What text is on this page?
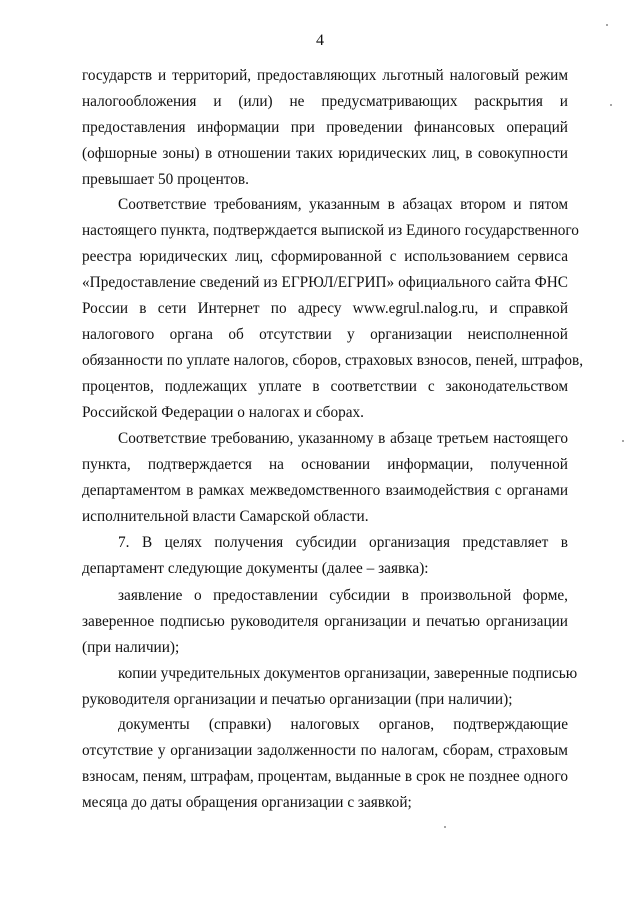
4
государств и территорий, предоставляющих льготный налоговый режим
налогообложения и (или) не предусматривающих раскрытия и
предоставления информации при проведении финансовых операций
(офшорные зоны) в отношении таких юридических лиц, в совокупности
превышает 50 процентов.
Соответствие требованиям, указанным в абзацах втором и пятом
настоящего пункта, подтверждается выпиской из Единого государственного
реестра юридических лиц, сформированной с использованием сервиса
«Предоставление сведений из ЕГРЮЛ/ЕГРИП» официального сайта ФНС
России в сети Интернет по адресу www.egrul.nalog.ru, и справкой
налогового органа об отсутствии у организации неисполненной
обязанности по уплате налогов, сборов, страховых взносов, пеней, штрафов,
процентов, подлежащих уплате в соответствии с законодательством
Российской Федерации о налогах и сборах.
Соответствие требованию, указанному в абзаце третьем настоящего
пункта, подтверждается на основании информации, полученной
департаментом в рамках межведомственного взаимодействия с органами
исполнительной власти Самарской области.
7. В целях получения субсидии организация представляет в
департамент следующие документы (далее – заявка):
заявление о предоставлении субсидии в произвольной форме,
заверенное подписью руководителя организации и печатью организации
(при наличии);
копии учредительных документов организации, заверенные подписью
руководителя организации и печатью организации (при наличии);
документы (справки) налоговых органов, подтверждающие
отсутствие у организации задолженности по налогам, сборам, страховым
взносам, пеням, штрафам, процентам, выданные в срок не позднее одного
месяца до даты обращения организации с заявкой;
